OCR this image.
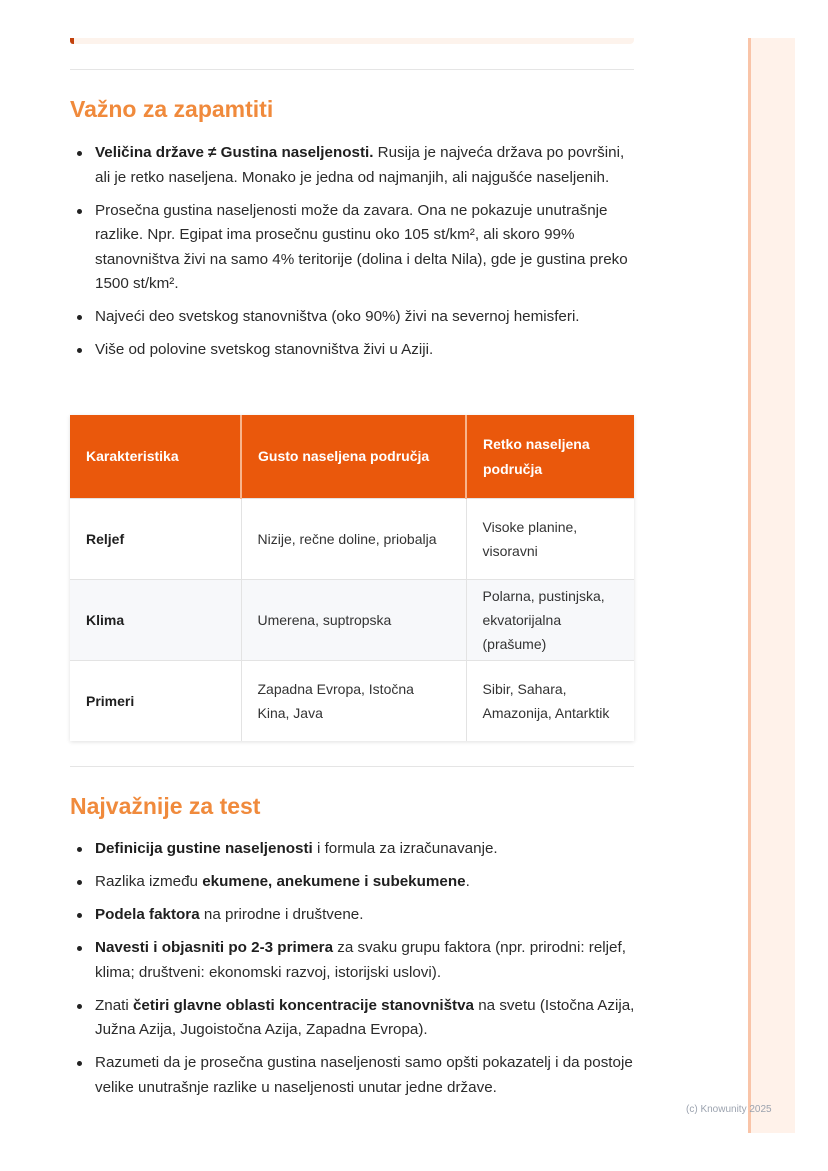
Važno za zapamtiti
Veličina države ≠ Gustina naseljenosti. Rusija je najveća država po površini, ali je retko naseljena. Monako je jedna od najmanjih, ali najgušće naseljenih.
Prosečna gustina naseljenosti može da zavara. Ona ne pokazuje unutrašnje razlike. Npr. Egipat ima prosečnu gustinu oko 105 st/km², ali skoro 99% stanovništva živi na samo 4% teritorije (dolina i delta Nila), gde je gustina preko 1500 st/km².
Najveći deo svetskog stanovništva (oko 90%) živi na severnoj hemisferi.
Više od polovine svetskog stanovništva živi u Aziji.
Karakteristika	Gusto naseljena područja	Retko naseljena područja
Reljef	Nizije, rečne doline, priobalja	Visoke planine, visoravni
Klima	Umerena, suptropska	Polarna, pustinjska, ekvatorijalna (prašume)
Primeri	Zapadna Evropa, Istočna Kina, Java	Sibir, Sahara, Amazonija, Antarktik
Najvažnije za test
Definicija gustine naseljenosti i formula za izračunavanje.
Razlika između ekumene, anekumene i subekumene.
Podela faktora na prirodne i društvene.
Navesti i objasniti po 2-3 primera za svaku grupu faktora (npr. prirodni: reljef, klima; društveni: ekonomski razvoj, istorijski uslovi).
Znati četiri glavne oblasti koncentracije stanovništva na svetu (Istočna Azija, Južna Azija, Jugoistočna Azija, Zapadna Evropa).
Razumeti da je prosečna gustina naseljenosti samo opšti pokazatelj i da postoje velike unutrašnje razlike u naseljenosti unutar jedne države.
(c) Knowunity 2025
